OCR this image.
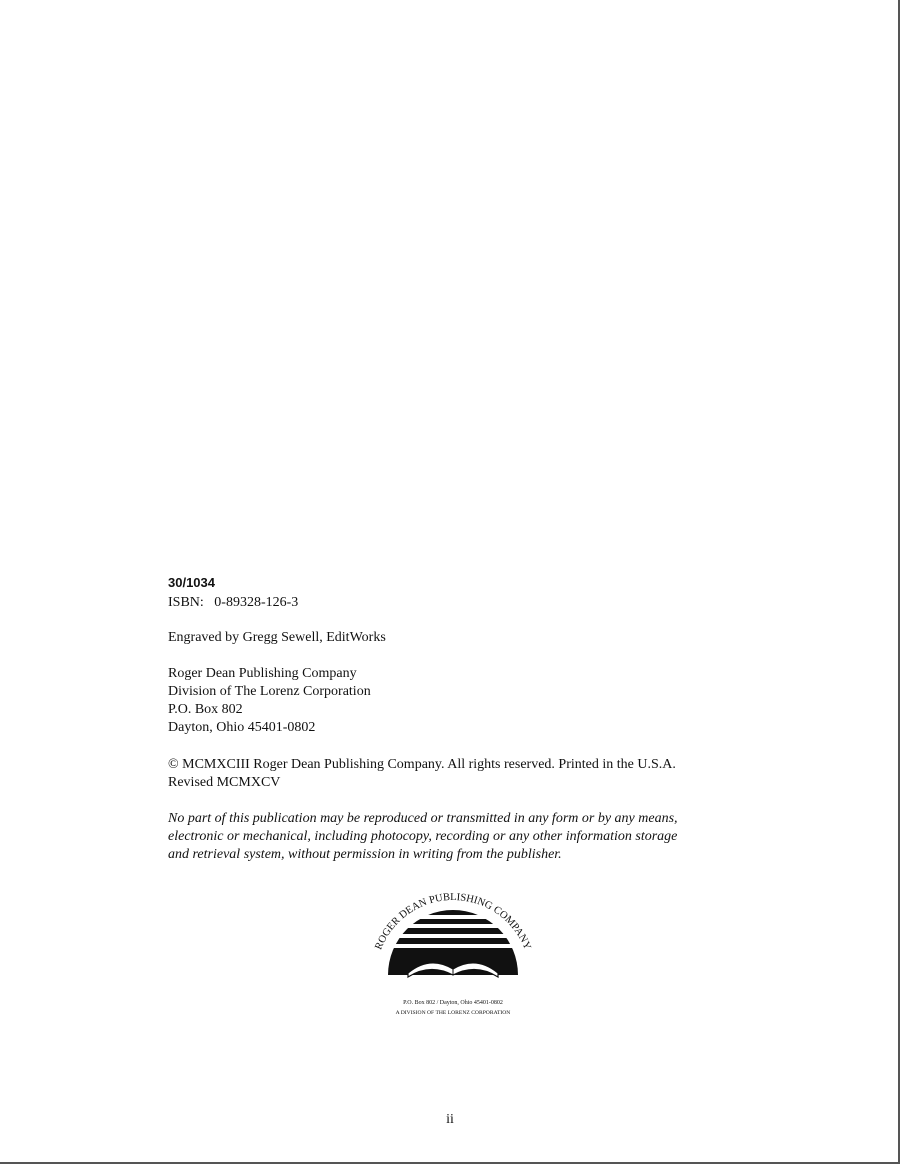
30/1034
ISBN:   0-89328-126-3
Engraved by Gregg Sewell, EditWorks
Roger Dean Publishing Company
Division of The Lorenz Corporation
P.O. Box 802
Dayton, Ohio 45401-0802
© MCMXCIII Roger Dean Publishing Company. All rights reserved. Printed in the U.S.A.
Revised MCMXCV
No part of this publication may be reproduced or transmitted in any form or by any means,
electronic or mechanical, including photocopy, recording or any other information storage
and retrieval system, without permission in writing from the publisher.
ROGER DEAN PUBLISHING COMPANY
P.O. Box 802 / Dayton, Ohio 45401-0802
A DIVISION OF THE LORENZ CORPORATION
ii
